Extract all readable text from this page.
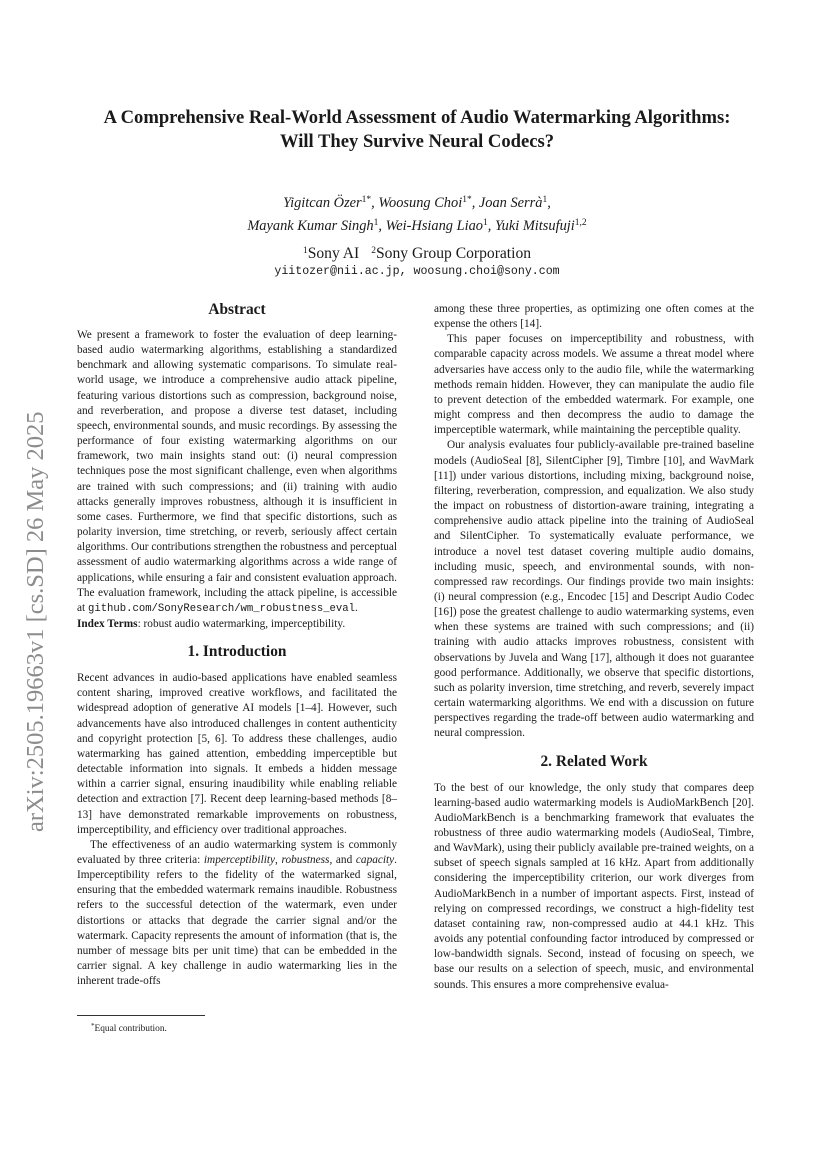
arXiv:2505.19663v1 [cs.SD] 26 May 2025
A Comprehensive Real-World Assessment of Audio Watermarking Algorithms: Will They Survive Neural Codecs?
Yigitcan Özer$^{1*}$, Woosung Choi$^{1*}$, Joan Serrà$^1$,
Mayank Kumar Singh$^1$, Wei-Hsiang Liao$^1$, Yuki Mitsufuji$^{1,2}$
$^1$Sony AI $^2$Sony Group Corporation
yiitozer@nii.ac.jp, woosung.choi@sony.com
Abstract

We present a framework to foster the evaluation of deep learning-based audio watermarking algorithms, establishing a standardized benchmark and allowing systematic comparisons. To simulate real-world usage, we introduce a comprehensive audio attack pipeline, featuring various distortions such as compression, background noise, and reverberation, and propose a diverse test dataset, including speech, environmental sounds, and music recordings. By assessing the performance of four existing watermarking algorithms on our framework, two main insights stand out: (i) neural compression techniques pose the most significant challenge, even when algorithms are trained with such compressions; and (ii) training with audio attacks generally improves robustness, although it is insufficient in some cases. Furthermore, we find that specific distortions, such as polarity inversion, time stretching, or reverb, seriously affect certain algorithms. Our contributions strengthen the robustness and perceptual assessment of audio watermarking algorithms across a wide range of applications, while ensuring a fair and consistent evaluation approach. The evaluation framework, including the attack pipeline, is accessible at github.com/SonyResearch/wm_robustness_eval.

Index Terms: robust audio watermarking, imperceptibility.

1. Introduction

Recent advances in audio-based applications have enabled seamless content sharing, improved creative workflows, and facilitated the widespread adoption of generative AI models [1–4]. However, such advancements have also introduced challenges in content authenticity and copyright protection [5, 6]. To address these challenges, audio watermarking has gained attention, embedding imperceptible but detectable information into signals. It embeds a hidden message within a carrier signal, ensuring inaudibility while enabling reliable detection and extraction [7]. Recent deep learning-based methods [8–13] have demonstrated remarkable improvements on robustness, imperceptibility, and efficiency over traditional approaches.

The effectiveness of an audio watermarking system is commonly evaluated by three criteria: imperceptibility, robustness, and capacity. Imperceptibility refers to the fidelity of the watermarked signal, ensuring that the embedded watermark remains inaudible. Robustness refers to the successful detection of the watermark, even under distortions or attacks that degrade the carrier signal and/or the watermark. Capacity represents the amount of information (that is, the number of message bits per unit time) that can be embedded in the carrier signal. A key challenge in audio watermarking lies in the inherent trade-offs

*Equal contribution.

among these three properties, as optimizing one often comes at the expense the others [14].

This paper focuses on imperceptibility and robustness, with comparable capacity across models. We assume a threat model where adversaries have access only to the audio file, while the watermarking methods remain hidden. However, they can manipulate the audio file to prevent detection of the embedded watermark. For example, one might compress and then decompress the audio to damage the imperceptible watermark, while maintaining the perceptible quality.

Our analysis evaluates four publicly-available pre-trained baseline models (AudioSeal [8], SilentCipher [9], Timbre [10], and WavMark [11]) under various distortions, including mixing, background noise, filtering, reverberation, compression, and equalization. We also study the impact on robustness of distortion-aware training, integrating a comprehensive audio attack pipeline into the training of AudioSeal and SilentCipher. To systematically evaluate performance, we introduce a novel test dataset covering multiple audio domains, including music, speech, and environmental sounds, with non-compressed raw recordings. Our findings provide two main insights: (i) neural compression (e.g., Encodec [15] and Descript Audio Codec [16]) pose the greatest challenge to audio watermarking systems, even when these systems are trained with such compressions; and (ii) training with audio attacks improves robustness, consistent with observations by Juvela and Wang [17], although it does not guarantee good performance. Additionally, we observe that specific distortions, such as polarity inversion, time stretching, and reverb, severely impact certain watermarking algorithms. We end with a discussion on future perspectives regarding the trade-off between audio watermarking and neural compression.

2. Related Work

To the best of our knowledge, the only study that compares deep learning-based audio watermarking models is AudioMarkBench [20]. AudioMarkBench is a benchmarking framework that evaluates the robustness of three audio watermarking models (AudioSeal, Timbre, and WavMark), using their publicly available pre-trained weights, on a subset of speech signals sampled at 16 kHz. Apart from additionally considering the imperceptibility criterion, our work diverges from AudioMarkBench in a number of important aspects. First, instead of relying on compressed recordings, we construct a high-fidelity test dataset containing raw, non-compressed audio at 44.1 kHz. This avoids any potential confounding factor introduced by compressed or low-bandwidth signals. Second, instead of focusing on speech, we base our results on a selection of speech, music, and environmental sounds. This ensures a more comprehensive evalua-
